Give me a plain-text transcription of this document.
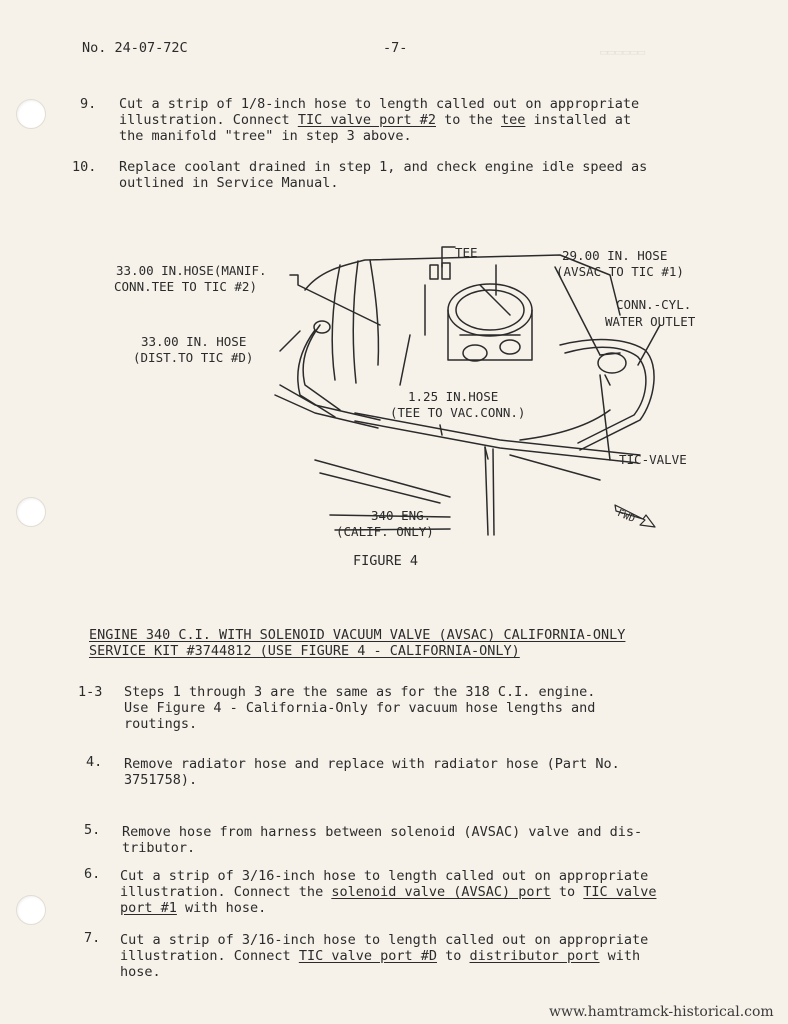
No. 24-07-72C	-7-
9. Cut a strip of 1/8-inch hose to length called out on appropriate
illustration. Connect TIC valve port #2 to the tee installed at
the manifold "tree" in step 3 above.
10. Replace coolant drained in step 1, and check engine idle speed as
outlined in Service Manual.
▭▭▭▭▭▭
TEE
33.00 IN.HOSE(MANIF.
CONN.TEE TO TIC #2)
33.00 IN. HOSE
(DIST.TO TIC #D)
29.00 IN. HOSE
(AVSAC TO TIC #1)
CONN.-CYL.
WATER OUTLET
1.25 IN.HOSE
(TEE TO VAC.CONN.)
TIC-VALVE
340 ENG.
(CALIF. ONLY)
FWD
FIGURE 4
ENGINE 340 C.I. WITH SOLENOID VACUUM VALVE (AVSAC) CALIFORNIA-ONLY
SERVICE KIT #3744812 (USE FIGURE 4 - CALIFORNIA-ONLY)
1-3 Steps 1 through 3 are the same as for the 318 C.I. engine.
Use Figure 4 - California-Only for vacuum hose lengths and
routings.
4. Remove radiator hose and replace with radiator hose (Part No.
3751758).
5. Remove hose from harness between solenoid (AVSAC) valve and dis-
tributor.
6. Cut a strip of 3/16-inch hose to length called out on appropriate
illustration. Connect the solenoid valve (AVSAC) port to TIC valve
port #1 with hose.
7. Cut a strip of 3/16-inch hose to length called out on appropriate
illustration. Connect TIC valve port #D to distributor port with
hose.
www.hamtramck-historical.com
